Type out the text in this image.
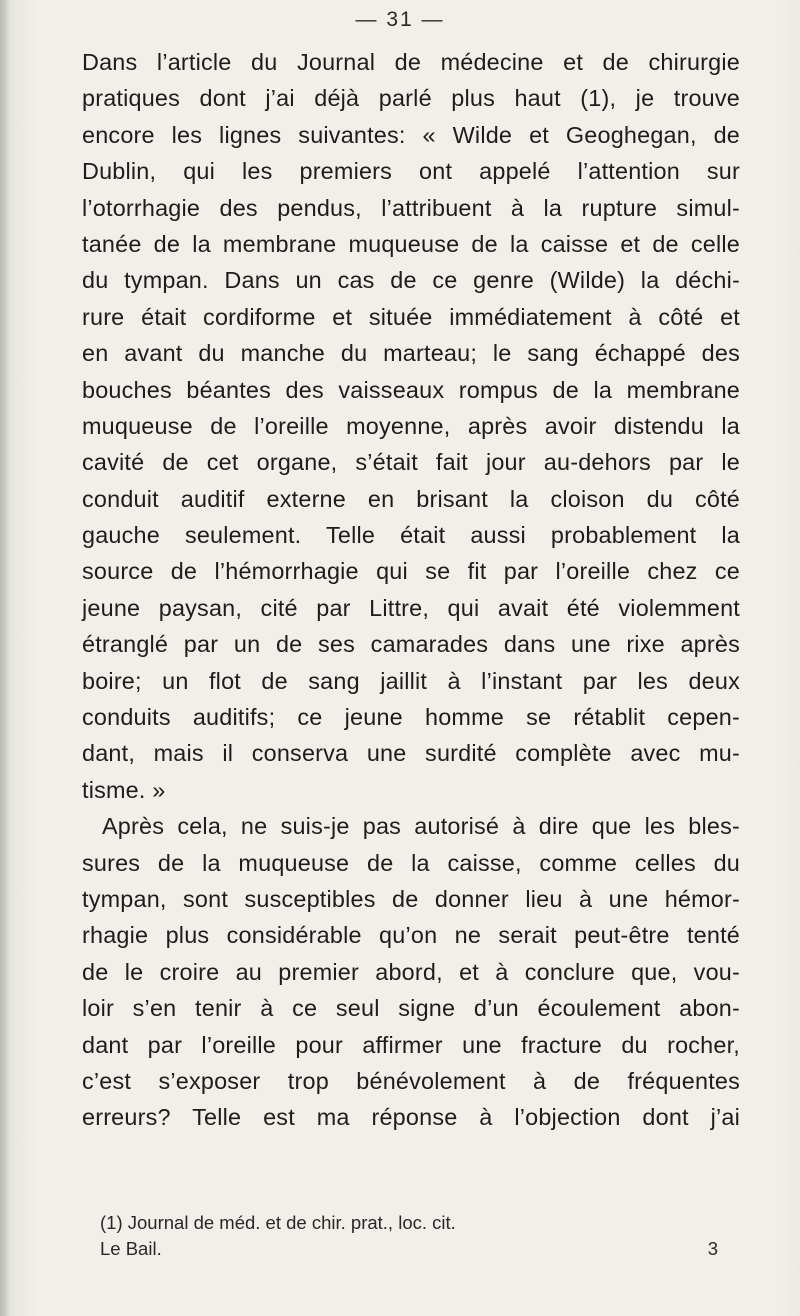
— 31 —
Dans l’article du Journal de médecine et de chirurgie
pratiques dont j’ai déjà parlé plus haut (1), je trouve
encore les lignes suivantes: « Wilde et Geoghegan, de
Dublin, qui les premiers ont appelé l’attention sur
l’otorrhagie des pendus, l’attribuent à la rupture simul-
tanée de la membrane muqueuse de la caisse et de celle
du tympan. Dans un cas de ce genre (Wilde) la déchi-
rure était cordiforme et située immédiatement à côté et
en avant du manche du marteau; le sang échappé des
bouches béantes des vaisseaux rompus de la membrane
muqueuse de l’oreille moyenne, après avoir distendu la
cavité de cet organe, s’était fait jour au-dehors par le
conduit auditif externe en brisant la cloison du côté
gauche seulement. Telle était aussi probablement la
source de l’hémorrhagie qui se fit par l’oreille chez ce
jeune paysan, cité par Littre, qui avait été violemment
étranglé par un de ses camarades dans une rixe après
boire; un flot de sang jaillit à l’instant par les deux
conduits auditifs; ce jeune homme se rétablit cepen-
dant, mais il conserva une surdité complète avec mu-
tisme. »
Après cela, ne suis-je pas autorisé à dire que les bles-
sures de la muqueuse de la caisse, comme celles du
tympan, sont susceptibles de donner lieu à une hémor-
rhagie plus considérable qu’on ne serait peut-être tenté
de le croire au premier abord, et à conclure que, vou-
loir s’en tenir à ce seul signe d’un écoulement abon-
dant par l’oreille pour affirmer une fracture du rocher,
c’est s’exposer trop bénévolement à de fréquentes
erreurs? Telle est ma réponse à l’objection dont j’ai
(1) Journal de méd. et de chir. prat., loc. cit.
Le Bail.	3
